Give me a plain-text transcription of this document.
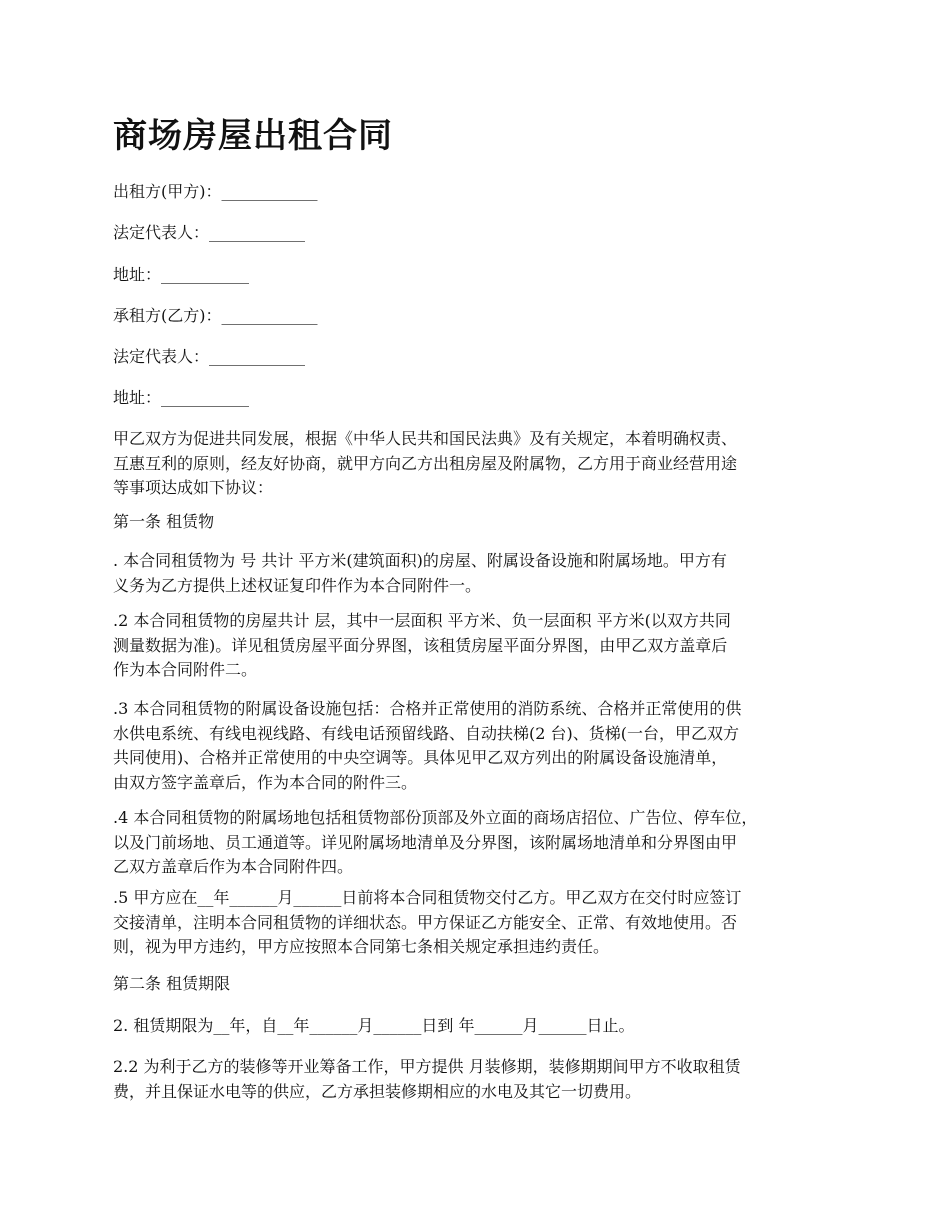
商场房屋出租合同

出租方(甲方)：____________

法定代表人：____________

地址：___________

承租方(乙方)：____________

法定代表人：____________

地址：___________

甲乙双方为促进共同发展，根据《中华人民共和国民法典》及有关规定，本着明确权责、
互惠互利的原则，经友好协商，就甲方向乙方出租房屋及附属物，乙方用于商业经营用途
等事项达成如下协议：

第一条 租赁物

. 本合同租赁物为 号 共计 平方米(建筑面积)的房屋、附属设备设施和附属场地。甲方有
义务为乙方提供上述权证复印件作为本合同附件一。

.2 本合同租赁物的房屋共计 层，其中一层面积 平方米、负一层面积 平方米(以双方共同
测量数据为准)。详见租赁房屋平面分界图，该租赁房屋平面分界图，由甲乙双方盖章后
作为本合同附件二。

.3 本合同租赁物的附属设备设施包括：合格并正常使用的消防系统、合格并正常使用的供
水供电系统、有线电视线路、有线电话预留线路、自动扶梯(2 台)、货梯(一台，甲乙双方
共同使用)、合格并正常使用的中央空调等。具体见甲乙双方列出的附属设备设施清单，
由双方签字盖章后，作为本合同的附件三。

.4 本合同租赁物的附属场地包括租赁物部份顶部及外立面的商场店招位、广告位、停车位，
以及门前场地、员工通道等。详见附属场地清单及分界图，该附属场地清单和分界图由甲
乙双方盖章后作为本合同附件四。

.5 甲方应在__年______月______日前将本合同租赁物交付乙方。甲乙双方在交付时应签订
交接清单，注明本合同租赁物的详细状态。甲方保证乙方能安全、正常、有效地使用。否
则，视为甲方违约，甲方应按照本合同第七条相关规定承担违约责任。

第二条 租赁期限

2. 租赁期限为__年，自__年______月______日到 年______月______日止。

2.2 为利于乙方的装修等开业筹备工作，甲方提供 月装修期，装修期期间甲方不收取租赁
费，并且保证水电等的供应，乙方承担装修期相应的水电及其它一切费用。
